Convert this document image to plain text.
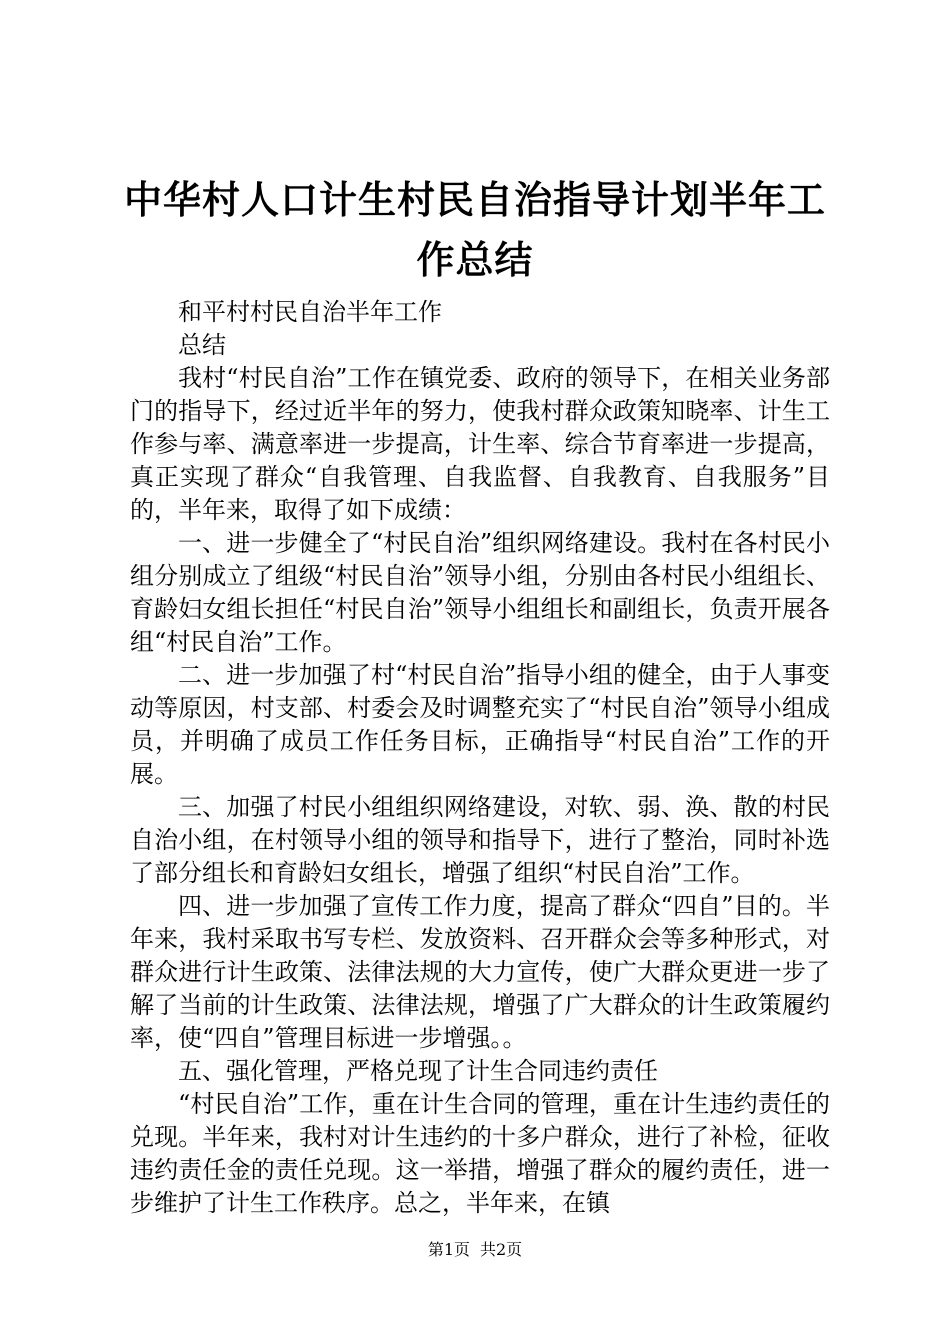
中华村人口计生村民自治指导计划半年工作总结

和平村村民自治半年工作

总结

我村“村民自治”工作在镇党委、政府的领导下，在相关业务部门的指导下，经过近半年的努力，使我村群众政策知晓率、计生工作参与率、满意率进一步提高，计生率、综合节育率进一步提高，真正实现了群众“自我管理、自我监督、自我教育、自我服务”目的，半年来，取得了如下成绩：

一、进一步健全了“村民自治”组织网络建设。我村在各村民小组分别成立了组级“村民自治”领导小组，分别由各村民小组组长、育龄妇女组长担任“村民自治”领导小组组长和副组长，负责开展各组“村民自治”工作。

二、进一步加强了村“村民自治”指导小组的健全，由于人事变动等原因，村支部、村委会及时调整充实了“村民自治”领导小组成员，并明确了成员工作任务目标，正确指导“村民自治”工作的开展。

三、加强了村民小组组织网络建设，对软、弱、涣、散的村民自治小组，在村领导小组的领导和指导下，进行了整治，同时补选了部分组长和育龄妇女组长，增强了组织“村民自治”工作。

四、进一步加强了宣传工作力度，提高了群众“四自”目的。半年来，我村采取书写专栏、发放资料、召开群众会等多种形式，对群众进行计生政策、法律法规的大力宣传，使广大群众更进一步了解了当前的计生政策、法律法规，增强了广大群众的计生政策履约率，使“四自”管理目标进一步增强。。

五、强化管理，严格兑现了计生合同违约责任

“村民自治”工作，重在计生合同的管理，重在计生违约责任的兑现。半年来，我村对计生违约的十多户群众，进行了补检，征收违约责任金的责任兑现。这一举措，增强了群众的履约责任，进一步维护了计生工作秩序。总之，半年来，在镇

第1页 共2页
